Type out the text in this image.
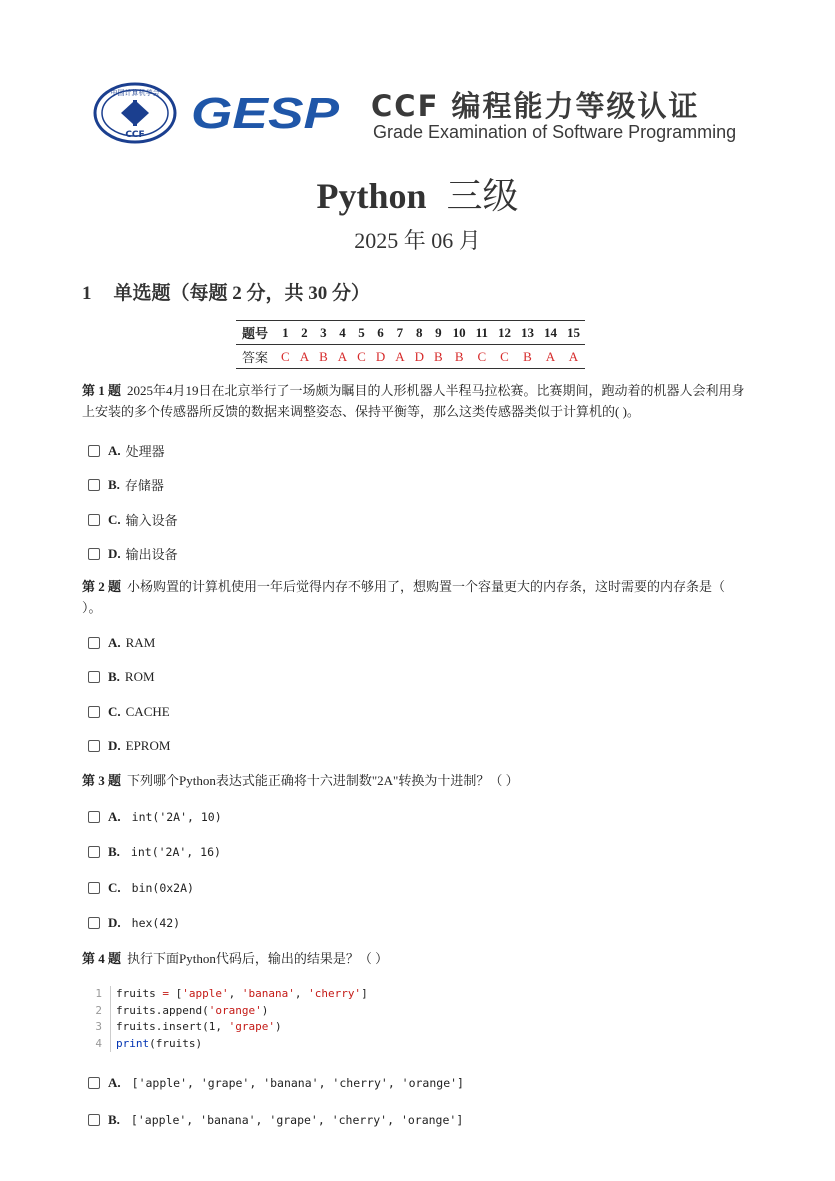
中国计算机学会
CCF GESP CCF 编程能力等级认证
Grade Examination of Software Programming
Python 三级
2025 年 06 月
1 单选题（每题 2 分，共 30 分）
题号	1	2	3	4	5	6	7	8	9	10	11	12	13	14	15
答案	C	A	B	A	C	D	A	D	B	B	C	C	B	A	A
第 1 题 2025年4月19日在北京举行了一场颇为瞩目的人形机器人半程马拉松赛。比赛期间，跑动着的机器人会利用身上安装的多个传感器所反馈的数据来调整姿态、保持平衡等，那么这类传感器类似于计算机的( )。
A. 处理器
B. 存储器
C. 输入设备
D. 输出设备
第 2 题 小杨购置的计算机使用一年后觉得内存不够用了，想购置一个容量更大的内存条，这时需要的内存条是（ ）。
A. RAM
B. ROM
C. CACHE
D. EPROM
第 3 题 下列哪个Python表达式能正确将十六进制数"2A"转换为十进制？（ ）
A. int('2A', 10)
B. int('2A', 16)
C. bin(0x2A)
D. hex(42)
第 4 题 执行下面Python代码后，输出的结果是？（ ）
1	fruits = ['apple', 'banana', 'cherry']
2	fruits.append('orange')
3	fruits.insert(1, 'grape')
4	print(fruits)
A. ['apple', 'grape', 'banana', 'cherry', 'orange']
B. ['apple', 'banana', 'grape', 'cherry', 'orange']
